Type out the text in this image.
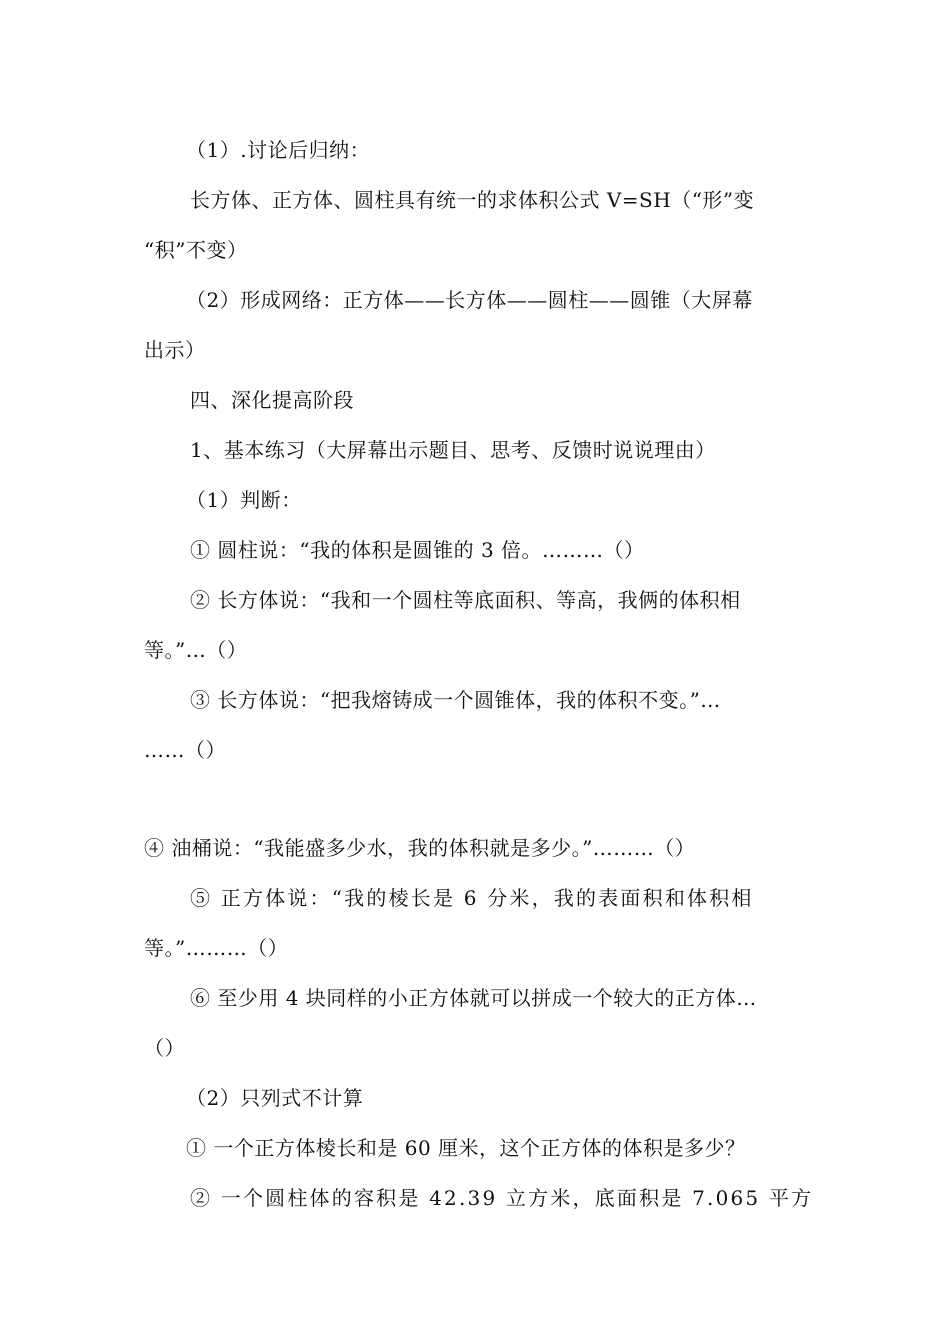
（1）.讨论后归纳：
长方体、正方体、圆柱具有统一的求体积公式 V=SH（“形”变
“积”不变）
（2）形成网络：正方体——长方体——圆柱——圆锥（大屏幕
出示）
四、深化提高阶段
1、基本练习（大屏幕出示题目、思考、反馈时说说理由）
（1）判断：
① 圆柱说：“我的体积是圆锥的 3 倍。………（）
② 长方体说：“我和一个圆柱等底面积、等高，我俩的体积相
等。”…（）
③ 长方体说：“把我熔铸成一个圆锥体，我的体积不变。”…
……（）
④ 油桶说：“我能盛多少水，我的体积就是多少。”………（）
⑤ 正方体说：“我的棱长是 6 分米，我的表面积和体积相
等。”………（）
⑥ 至少用 4 块同样的小正方体就可以拼成一个较大的正方体…
（）
（2）只列式不计算
① 一个正方体棱长和是 60 厘米，这个正方体的体积是多少？
② 一个圆柱体的容积是 42.39 立方米，底面积是 7.065 平方
